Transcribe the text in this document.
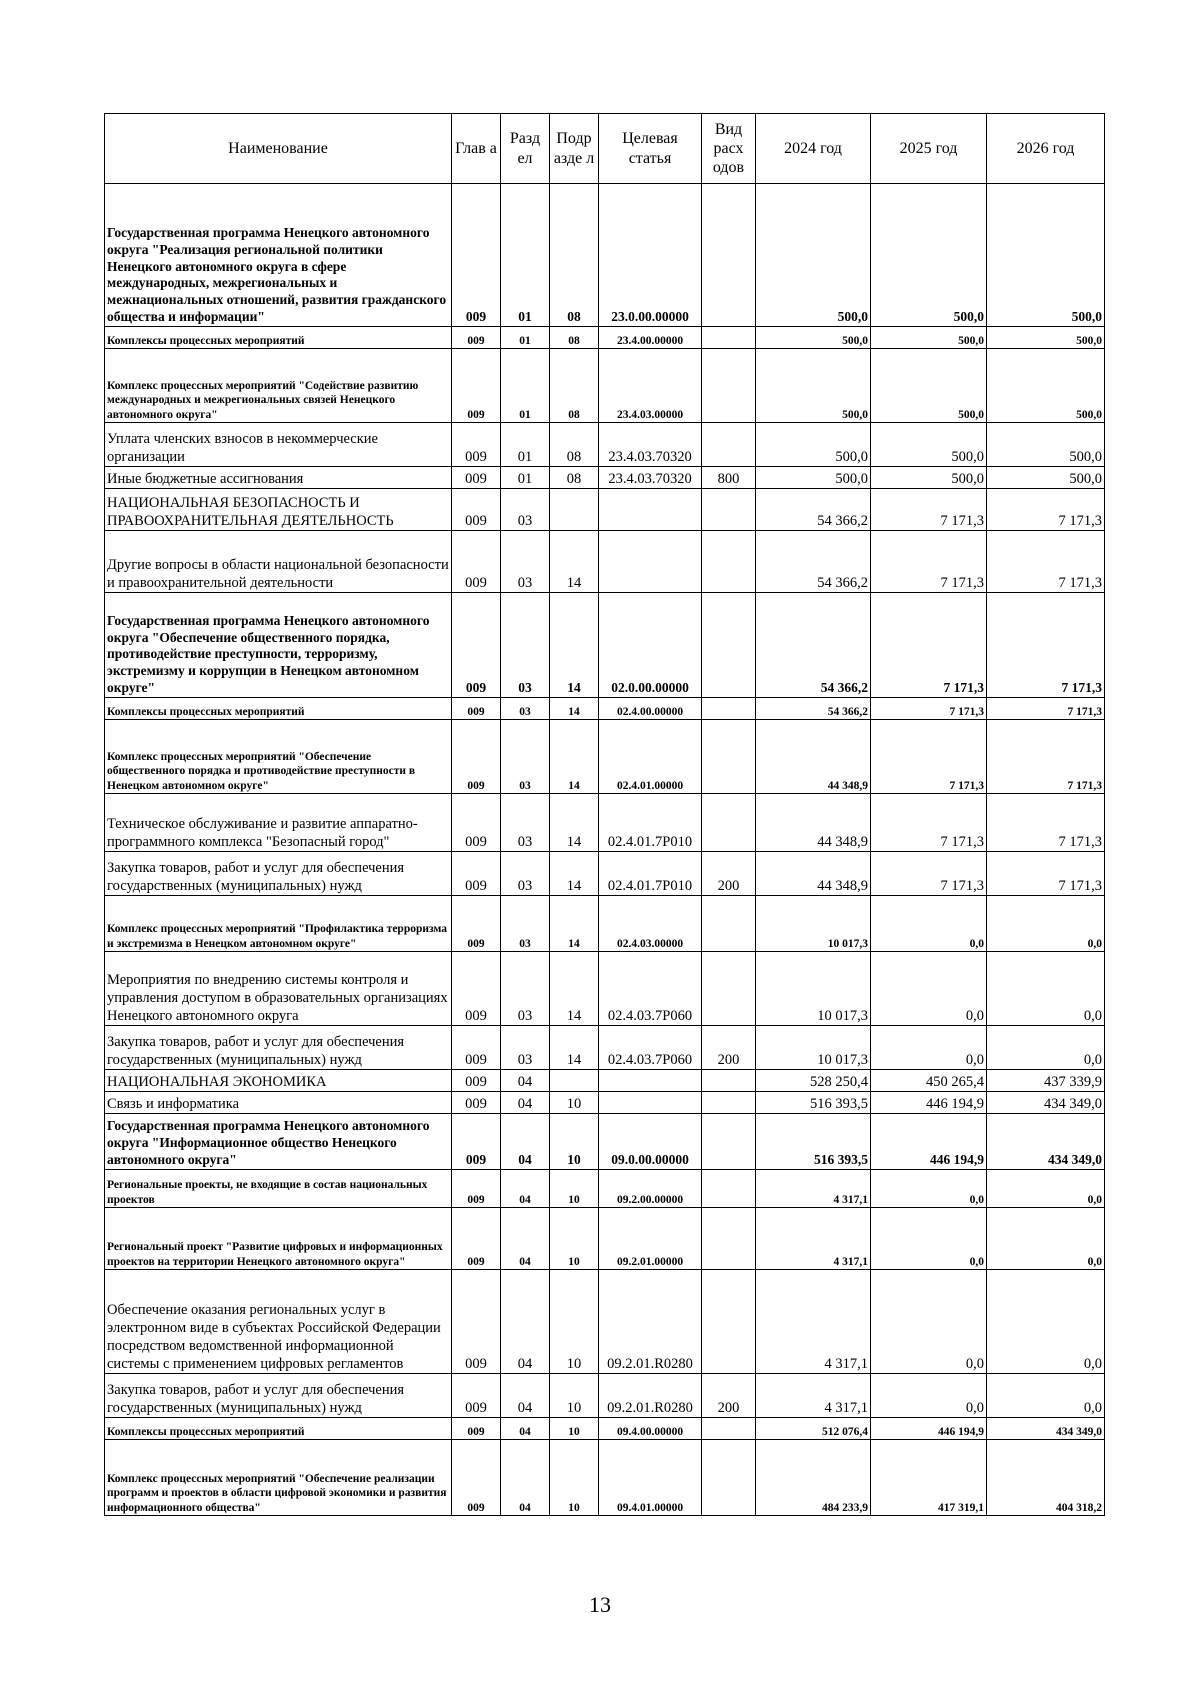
Наименование	Глав а	Разд ел	Подр азде л	Целевая статья	Вид расх одов	2024 год	2025 год	2026 год
Государственная программа Ненецкого автономного округа "Реализация региональной политики Ненецкого автономного округа в сфере международных, межрегиональных и межнациональных отношений, развития гражданского общества и информации"	009	01	08	23.0.00.00000		500,0	500,0	500,0
Комплексы процессных мероприятий	009	01	08	23.4.00.00000		500,0	500,0	500,0
Комплекс процессных мероприятий "Содействие развитию международных и межрегиональных связей Ненецкого автономного округа"	009	01	08	23.4.03.00000		500,0	500,0	500,0
Уплата членских взносов в некоммерческие организации	009	01	08	23.4.03.70320		500,0	500,0	500,0
Иные бюджетные ассигнования	009	01	08	23.4.03.70320	800	500,0	500,0	500,0
НАЦИОНАЛЬНАЯ БЕЗОПАСНОСТЬ И ПРАВООХРАНИТЕЛЬНАЯ ДЕЯТЕЛЬНОСТЬ	009	03				54 366,2	7 171,3	7 171,3
Другие вопросы в области национальной безопасности и правоохранительной деятельности	009	03	14			54 366,2	7 171,3	7 171,3
Государственная программа Ненецкого автономного округа "Обеспечение общественного порядка, противодействие преступности, терроризму, экстремизму и коррупции в Ненецком автономном округе"	009	03	14	02.0.00.00000		54 366,2	7 171,3	7 171,3
Комплексы процессных мероприятий	009	03	14	02.4.00.00000		54 366,2	7 171,3	7 171,3
Комплекс процессных мероприятий "Обеспечение общественного порядка и противодействие преступности в Ненецком автономном округе"	009	03	14	02.4.01.00000		44 348,9	7 171,3	7 171,3
Техническое обслуживание и развитие аппаратно-программного комплекса "Безопасный город"	009	03	14	02.4.01.7Р010		44 348,9	7 171,3	7 171,3
Закупка товаров, работ и услуг для обеспечения государственных (муниципальных) нужд	009	03	14	02.4.01.7Р010	200	44 348,9	7 171,3	7 171,3
Комплекс процессных мероприятий "Профилактика терроризма и экстремизма в Ненецком автономном округе"	009	03	14	02.4.03.00000		10 017,3	0,0	0,0
Мероприятия по внедрению системы контроля и управления доступом в образовательных организациях Ненецкого автономного округа	009	03	14	02.4.03.7Р060		10 017,3	0,0	0,0
Закупка товаров, работ и услуг для обеспечения государственных (муниципальных) нужд	009	03	14	02.4.03.7Р060	200	10 017,3	0,0	0,0
НАЦИОНАЛЬНАЯ ЭКОНОМИКА	009	04				528 250,4	450 265,4	437 339,9
Связь и информатика	009	04	10			516 393,5	446 194,9	434 349,0
Государственная программа Ненецкого автономного округа "Информационное общество Ненецкого автономного округа"	009	04	10	09.0.00.00000		516 393,5	446 194,9	434 349,0
Региональные проекты, не входящие в состав национальных проектов	009	04	10	09.2.00.00000		4 317,1	0,0	0,0
Региональный проект "Развитие цифровых и информационных проектов на территории Ненецкого автономного округа"	009	04	10	09.2.01.00000		4 317,1	0,0	0,0
Обеспечение оказания региональных услуг в электронном виде в субъектах Российской Федерации посредством ведомственной информационной системы с применением цифровых регламентов	009	04	10	09.2.01.R0280		4 317,1	0,0	0,0
Закупка товаров, работ и услуг для обеспечения государственных (муниципальных) нужд	009	04	10	09.2.01.R0280	200	4 317,1	0,0	0,0
Комплексы процессных мероприятий	009	04	10	09.4.00.00000		512 076,4	446 194,9	434 349,0
Комплекс процессных мероприятий "Обеспечение реализации программ и проектов в области цифровой экономики и развития информационного общества"	009	04	10	09.4.01.00000		484 233,9	417 319,1	404 318,2
13
